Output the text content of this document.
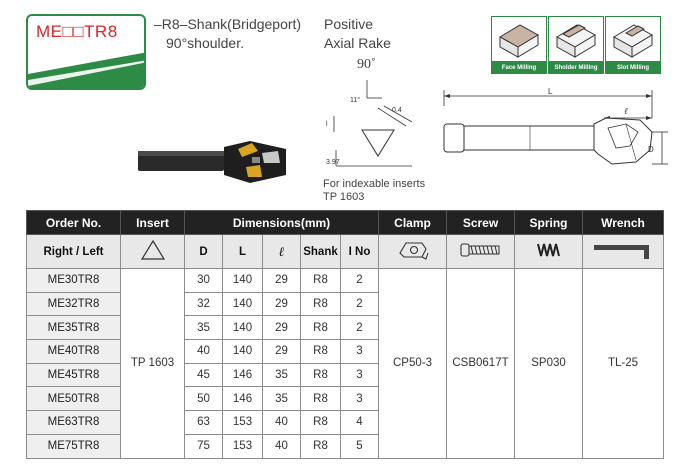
ME□□TR8	–R8–Shank(Bridgeport)
90°shoulder.
Positive
Axial Rake
90˚	Face Milling	Sholder Milling	Slot Milling
11°
0.4
l
3.97
For indexable inserts
TP 1603
L
ℓ
D
Order No.	Insert	Dimensions(mm)					Clamp	Screw	Spring	Wrench
Right / Left		D	L	ℓ	Shank	I No				
ME30TR8	TP 1603	30	140	29	R8	2	CP50-3	CSB0617T	SP030	TL-25
ME32TR8		32	140	29	R8	2				
ME35TR8		35	140	29	R8	2				
ME40TR8		40	140	29	R8	3				
ME45TR8		45	146	35	R8	3				
ME50TR8		50	146	35	R8	3				
ME63TR8		63	153	40	R8	4				
ME75TR8		75	153	40	R8	5				
